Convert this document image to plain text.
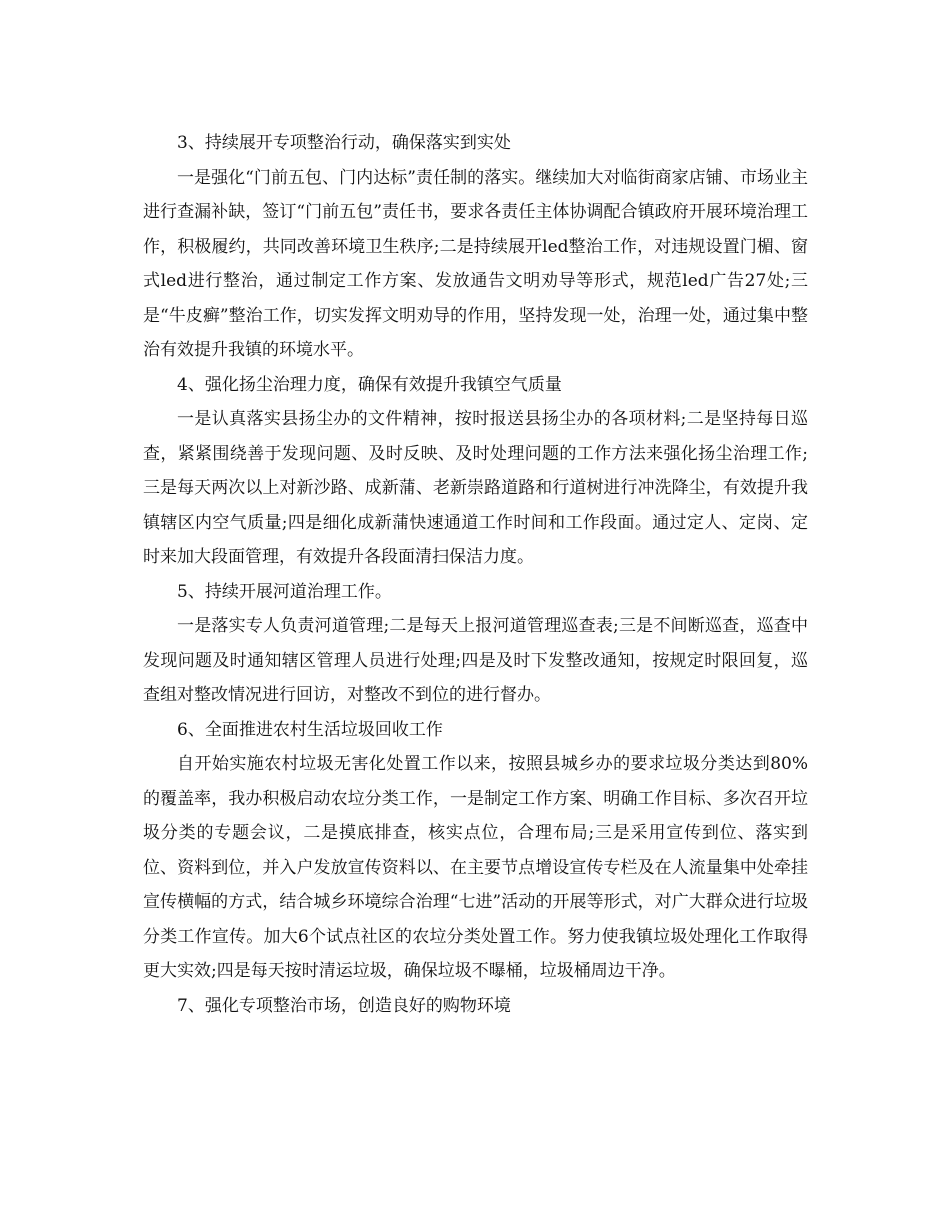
3、持续展开专项整治行动，确保落实到实处

一是强化“门前五包、门内达标”责任制的落实。继续加大对临街商家店铺、市场业主进行查漏补缺，签订“门前五包”责任书，要求各责任主体协调配合镇政府开展环境治理工作，积极履约，共同改善环境卫生秩序;二是持续展开led整治工作，对违规设置门楣、窗式led进行整治，通过制定工作方案、发放通告文明劝导等形式，规范led广告27处;三是“牛皮癣”整治工作，切实发挥文明劝导的作用，坚持发现一处，治理一处，通过集中整治有效提升我镇的环境水平。

4、强化扬尘治理力度，确保有效提升我镇空气质量

一是认真落实县扬尘办的文件精神，按时报送县扬尘办的各项材料;二是坚持每日巡查，紧紧围绕善于发现问题、及时反映、及时处理问题的工作方法来强化扬尘治理工作;三是每天两次以上对新沙路、成新蒲、老新崇路道路和行道树进行冲洗降尘，有效提升我镇辖区内空气质量;四是细化成新蒲快速通道工作时间和工作段面。通过定人、定岗、定时来加大段面管理，有效提升各段面清扫保洁力度。

5、持续开展河道治理工作。

一是落实专人负责河道管理;二是每天上报河道管理巡查表;三是不间断巡查，巡查中发现问题及时通知辖区管理人员进行处理;四是及时下发整改通知，按规定时限回复，巡查组对整改情况进行回访，对整改不到位的进行督办。

6、全面推进农村生活垃圾回收工作

自开始实施农村垃圾无害化处置工作以来，按照县城乡办的要求垃圾分类达到80%的覆盖率，我办积极启动农垃分类工作，一是制定工作方案、明确工作目标、多次召开垃圾分类的专题会议，二是摸底排查，核实点位，合理布局;三是采用宣传到位、落实到位、资料到位，并入户发放宣传资料以、在主要节点增设宣传专栏及在人流量集中处牵挂宣传横幅的方式，结合城乡环境综合治理“七进”活动的开展等形式，对广大群众进行垃圾分类工作宣传。加大6个试点社区的农垃分类处置工作。努力使我镇垃圾处理化工作取得更大实效;四是每天按时清运垃圾，确保垃圾不曝桶，垃圾桶周边干净。

7、强化专项整治市场，创造良好的购物环境
